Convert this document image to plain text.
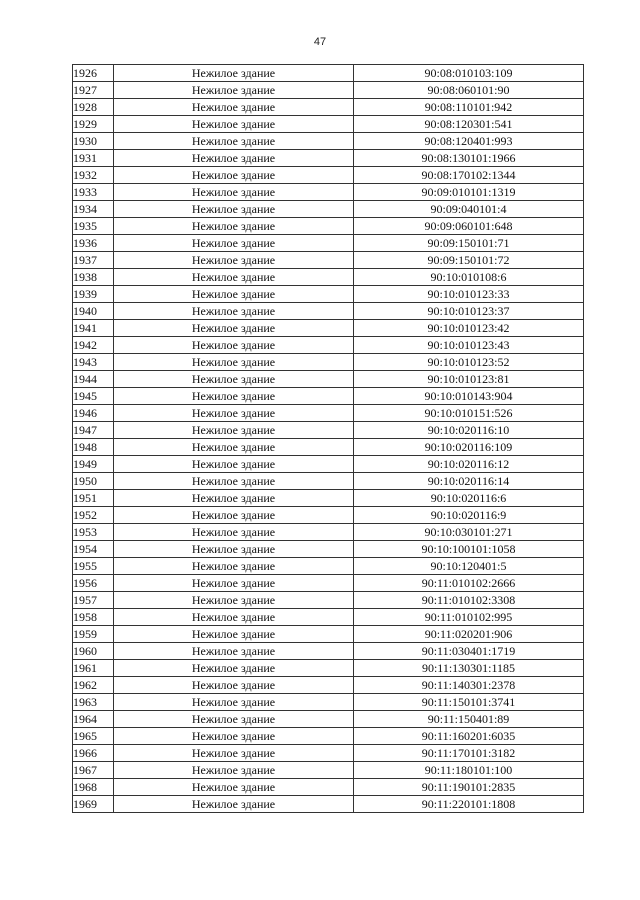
47
1926	Нежилое здание	90:08:010103:109
1927	Нежилое здание	90:08:060101:90
1928	Нежилое здание	90:08:110101:942
1929	Нежилое здание	90:08:120301:541
1930	Нежилое здание	90:08:120401:993
1931	Нежилое здание	90:08:130101:1966
1932	Нежилое здание	90:08:170102:1344
1933	Нежилое здание	90:09:010101:1319
1934	Нежилое здание	90:09:040101:4
1935	Нежилое здание	90:09:060101:648
1936	Нежилое здание	90:09:150101:71
1937	Нежилое здание	90:09:150101:72
1938	Нежилое здание	90:10:010108:6
1939	Нежилое здание	90:10:010123:33
1940	Нежилое здание	90:10:010123:37
1941	Нежилое здание	90:10:010123:42
1942	Нежилое здание	90:10:010123:43
1943	Нежилое здание	90:10:010123:52
1944	Нежилое здание	90:10:010123:81
1945	Нежилое здание	90:10:010143:904
1946	Нежилое здание	90:10:010151:526
1947	Нежилое здание	90:10:020116:10
1948	Нежилое здание	90:10:020116:109
1949	Нежилое здание	90:10:020116:12
1950	Нежилое здание	90:10:020116:14
1951	Нежилое здание	90:10:020116:6
1952	Нежилое здание	90:10:020116:9
1953	Нежилое здание	90:10:030101:271
1954	Нежилое здание	90:10:100101:1058
1955	Нежилое здание	90:10:120401:5
1956	Нежилое здание	90:11:010102:2666
1957	Нежилое здание	90:11:010102:3308
1958	Нежилое здание	90:11:010102:995
1959	Нежилое здание	90:11:020201:906
1960	Нежилое здание	90:11:030401:1719
1961	Нежилое здание	90:11:130301:1185
1962	Нежилое здание	90:11:140301:2378
1963	Нежилое здание	90:11:150101:3741
1964	Нежилое здание	90:11:150401:89
1965	Нежилое здание	90:11:160201:6035
1966	Нежилое здание	90:11:170101:3182
1967	Нежилое здание	90:11:180101:100
1968	Нежилое здание	90:11:190101:2835
1969	Нежилое здание	90:11:220101:1808
